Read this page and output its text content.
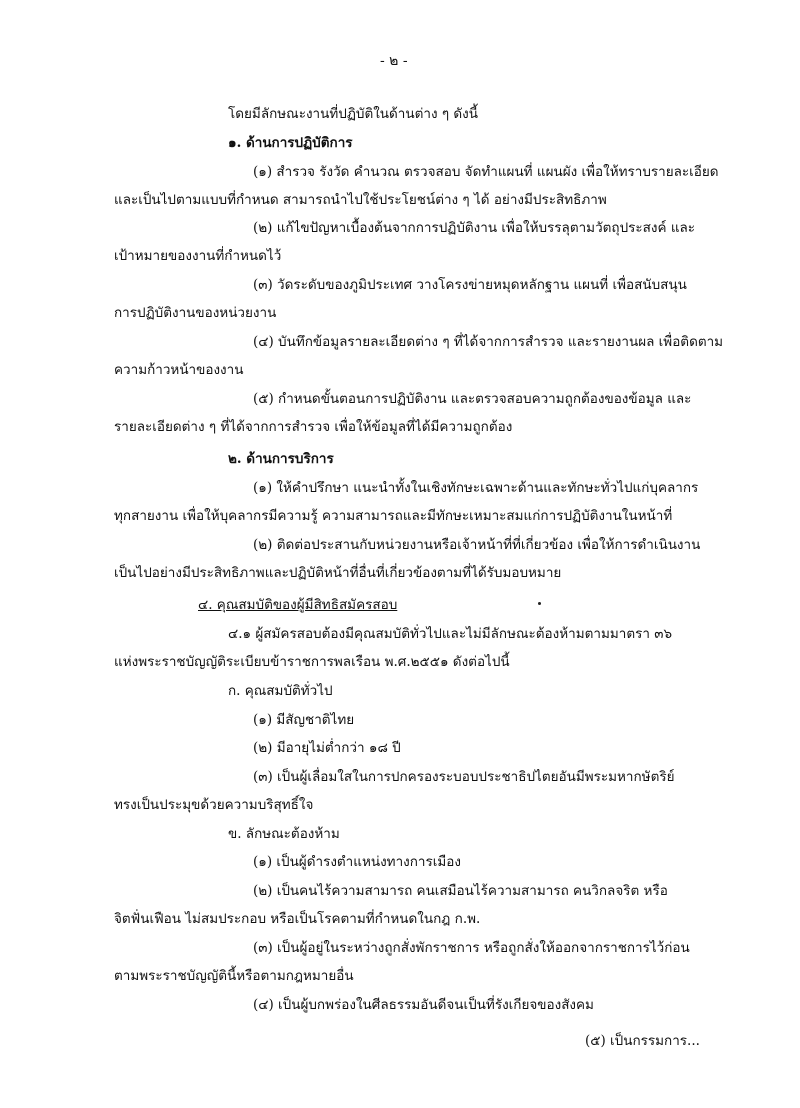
- ๒ -
โดยมีลักษณะงานที่ปฏิบัติในด้านต่าง ๆ ดังนี้
๑. ด้านการปฏิบัติการ
(๑) สำรวจ รังวัด คำนวณ ตรวจสอบ จัดทำแผนที่ แผนผัง เพื่อให้ทราบรายละเอียด
และเป็นไปตามแบบที่กำหนด สามารถนำไปใช้ประโยชน์ต่าง ๆ ได้ อย่างมีประสิทธิภาพ
(๒) แก้ไขปัญหาเบื้องต้นจากการปฏิบัติงาน เพื่อให้บรรลุตามวัตถุประสงค์ และ
เป้าหมายของงานที่กำหนดไว้
(๓) วัดระดับของภูมิประเทศ วางโครงข่ายหมุดหลักฐาน แผนที่ เพื่อสนับสนุน
การปฏิบัติงานของหน่วยงาน
(๔) บันทึกข้อมูลรายละเอียดต่าง ๆ ที่ได้จากการสำรวจ และรายงานผล เพื่อติดตาม
ความก้าวหน้าของงาน
(๕) กำหนดขั้นตอนการปฏิบัติงาน และตรวจสอบความถูกต้องของข้อมูล และ
รายละเอียดต่าง ๆ ที่ได้จากการสำรวจ เพื่อให้ข้อมูลที่ได้มีความถูกต้อง
๒. ด้านการบริการ
(๑) ให้คำปรึกษา แนะนำทั้งในเชิงทักษะเฉพาะด้านและทักษะทั่วไปแก่บุคลากร
ทุกสายงาน เพื่อให้บุคลากรมีความรู้ ความสามารถและมีทักษะเหมาะสมแก่การปฏิบัติงานในหน้าที่
(๒) ติดต่อประสานกับหน่วยงานหรือเจ้าหน้าที่ที่เกี่ยวข้อง เพื่อให้การดำเนินงาน
เป็นไปอย่างมีประสิทธิภาพและปฏิบัติหน้าที่อื่นที่เกี่ยวข้องตามที่ได้รับมอบหมาย
๔. คุณสมบัติของผู้มีสิทธิสมัครสอบ
๔.๑ ผู้สมัครสอบต้องมีคุณสมบัติทั่วไปและไม่มีลักษณะต้องห้ามตามมาตรา ๓๖
แห่งพระราชบัญญัติระเบียบข้าราชการพลเรือน พ.ศ.๒๕๕๑ ดังต่อไปนี้
ก. คุณสมบัติทั่วไป
(๑) มีสัญชาติไทย
(๒) มีอายุไม่ต่ำกว่า ๑๘ ปี
(๓) เป็นผู้เลื่อมใสในการปกครองระบอบประชาธิปไตยอันมีพระมหากษัตริย์
ทรงเป็นประมุขด้วยความบริสุทธิ์ใจ
ข. ลักษณะต้องห้าม
(๑) เป็นผู้ดำรงตำแหน่งทางการเมือง
(๒) เป็นคนไร้ความสามารถ คนเสมือนไร้ความสามารถ คนวิกลจริต หรือ
จิตฟั่นเฟือน ไม่สมประกอบ หรือเป็นโรคตามที่กำหนดในกฎ ก.พ.
(๓) เป็นผู้อยู่ในระหว่างถูกสั่งพักราชการ หรือถูกสั่งให้ออกจากราชการไว้ก่อน
ตามพระราชบัญญัตินี้หรือตามกฎหมายอื่น
(๔) เป็นผู้บกพร่องในศีลธรรมอันดีจนเป็นที่รังเกียจของสังคม
(๕) เป็นกรรมการ...
